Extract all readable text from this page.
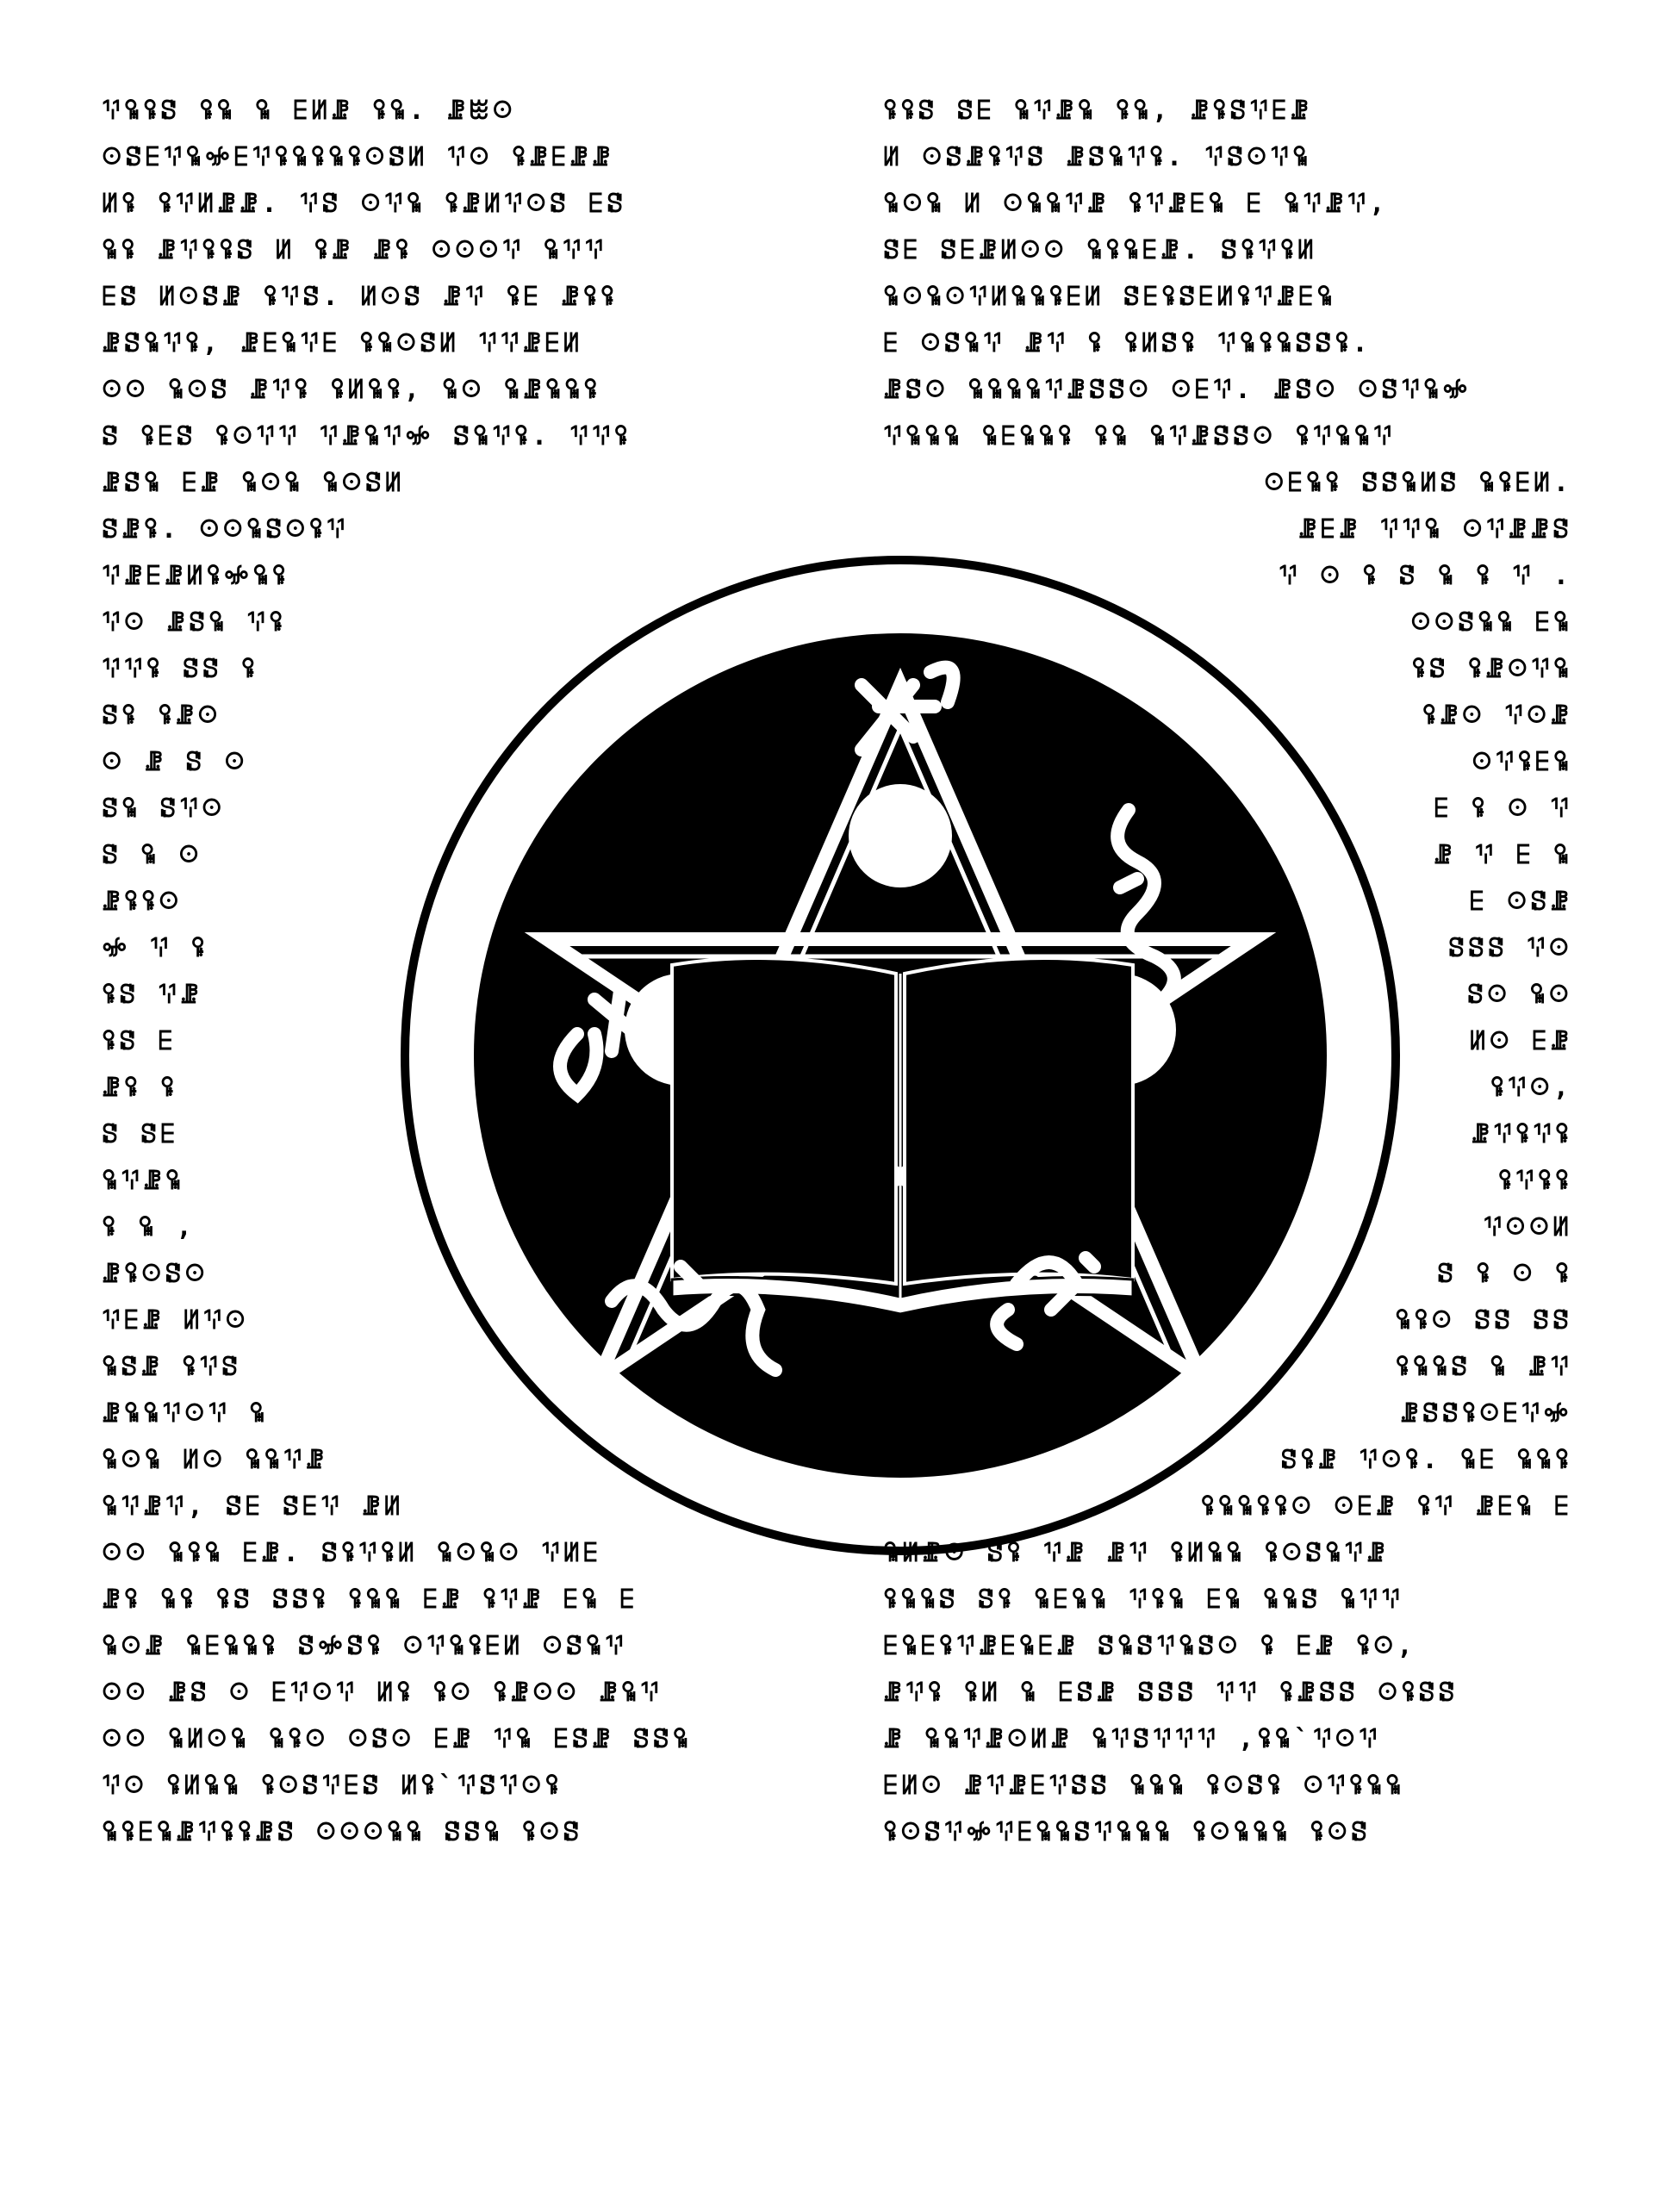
ꖬꖥꖤꗟ ꖤꖥ ꖥ ꗋꖦꗙ ꖤꖥ. ꗙꖺꖴ
ꖴꗟꗋꖬꖥꖣꗋꖬꖤꖥꖤꖥꖤꖴꗟꖦ ꖬꖴ ꖤꗙꗋꗙꗙ
ꖦꖤ ꖤꖬꖦꗙꗙ. ꖬꗟ ꖴꖬꖥ ꖤꗙꖦꖬꖴꗟ ꗋꗟ
ꖥꖤ ꗙꖬꖤꖤꗟ ꖦ ꖤꗙ ꗙꖤ ꖴꖴꖴꖬ ꖥꖬꖬ
ꗋꗟ ꖦꖴꗟꗙ ꖤꖬꗟ. ꖦꖴꗟ ꗙꖬ ꖤꗋ ꗙꖤꖤ
ꗙꗟꖥꖬꖤ, ꗙꗋꖥꖬꗋ ꖤꖥꖴꗟꖦ ꖬꖬꗙꗋꖦ
ꖴꖴ ꖥꖴꗟ ꗙꖬꖤ ꖤꖦꖥꖤ, ꖥꖴ ꖥꗙꖥꖥꖤ
ꗟ ꖤꗋꗟ ꖤꖴꖬꖬ ꖬꗙꖥꖬꖣ ꗟꖥꖬꖤ. ꖬꖬꖤ
ꗙꗟꖥ ꗋꗙ ꖥꖴꖥ ꖥꖴꗟꖦ
ꗟꗙꖤ. ꖴꖴꖥꗟꖴꖤꖬ
ꖬꗙꗋꗙꖦꖤꖣꖥꖤ
ꖬꖴ ꗙꗟꖥ ꖬꖤ
ꖬꖬꖤ ꗟꗟ ꖤ
ꗟꖤ ꖤꗙꖴ
ꖴ ꗙ ꗟ ꖴ
ꗟꖥ ꗟꖬꖴ
ꗟ ꖥ ꖴ
ꗙꖤꖤꖴ
ꖣ ꖬ ꖤ
ꖤꗟ ꖬꗙ
ꖤꗟ ꗋ
ꗙꖤ ꖤ
ꗟ ꗟꗋ
ꖥꖬꗙꖥ
ꖤ ꖥ ,
ꗙꖤꖴꗟꖴ
ꖬꗋꗙ ꖦꖬꖴ
ꖥꗟꗙ ꖤꖬꗟ
ꗙꖥꖥꖬꖴꖬ ꖥ
ꖥꖴꖥ ꖦꖴ ꖥꖥꖬꗙ
ꖥꖬꗙꖬ, ꗟꗋ ꗟꗋꖬ ꗙꖦ
ꖴꖴ ꖥꖤꖥ ꗋꗙ. ꗟꖤꖬꖤꖦ ꖥꖴꖥꖴ ꖬꖦꗋ
ꗙꖤ ꖥꖤ ꖤꗟ ꗟꗟꖤ ꖤꖥꖥ ꗋꗙ ꖤꖬꗙ ꗋꖥ ꗋ
ꖥꖴꗙ ꖥꗋꖥꖥꖤ ꗟꖣꗟꖤ ꖴꖬꖥꖤꗋꖦ ꖴꗟꖥꖬ
ꖴꖴ ꗙꗟ ꖴ ꗋꖬꖴꖬ ꖦꖤ ꖤꖴ ꖤꗙꖴꖴ ꗙꖥꖬ
ꖴꖴ ꖥꖦꖴꖥ ꖥꖤꖴ ꖴꗟꖴ ꗋꗙ ꖬꖥ ꗋꗟꗙ ꗟꗟꖥ
ꖬꖴ ꖤꖦꖥꖥ ꖤꖴꗟꖬꗋꗟ ꖦꖤ`ꖬꗟꖬꖴꖤ
ꖥꖤꗋꖥꗙꖬꖤꖤꗙꗟ ꖴꖴꖴꖥꖥ ꗟꗟꖥ ꖤꖴꗟ
ꖤꖤꗟ ꗟꗋ ꖥꖬꗙꖥ ꖤꖥ, ꗙꖤꗟꖬꗋꗙ
ꖦ ꖴꗟꗙꖤꖬꗟ ꗙꗟꖥꖬꖤ. ꖬꗟꖴꖬꖥ
ꖥꖴꖥ ꖦ ꖴꖥꖥꖬꗙ ꖤꖬꗙꗋꖥ ꗋ ꖥꖬꗙꖬ,
ꗟꗋ ꗟꗋꗙꖦꖴꖴ ꖥꖤꖥꗋꗙ. ꗟꖤꖬꖤꖦ
ꖥꖴꖥꖴꖬꖦꖥꖥꖤꗋꖦ ꗟꗋꖤꗟꗋꖦꖤꖬꗙꗋꖥ
ꗋ ꖴꗟꖥꖬ ꗙꖬ ꖤ ꖤꖦꗟꖤ ꖬꖥꖤꖥꗟꗟꖤ.
ꗙꗟꖴ ꖥꖥꖥꖥꖬꗙꗟꗟꖴ ꖴꗋꖬ. ꗙꗟꖴ ꖴꗟꖬꖥꖣ
ꖬꖥꖥꖥ ꖥꗋꖥꖥꖤ ꖤꖥ ꖥꖬꗙꗟꗟꖴ ꖤꖬꖥꖥꖬ
ꖴꗋꖥꖤ ꗟꗟꖥꖦꗟ ꖥꖤꗋꖦ.
ꗙꗋꗙ ꖬꖬꖥ ꖴꖬꗙꗙꗟ
ꖬ ꖴ ꖤ ꗟ ꖥ ꖤ ꖬ .
ꖴꖴꗟꖥꖥ ꗋꖥ
ꖤꗟ ꖤꗙꖴꖬꖥ
ꖤꗙꖴ ꖬꖴꗙ
ꖴꖬꖤꗋꖥ
ꗋ ꖤ ꖴ ꖬ
ꗙ ꖬ ꗋ ꖥ
ꗋ ꖴꗟꗙ
ꗟꗟꗟ ꖬꖴ
ꗟꖴ ꖥꖴ
ꖦꖴ ꗋꗙ
ꖤꖬꖴ,
ꗙꖬꖤꖬꖤ
ꖤꖬꖤꖤ
ꖬꖴꖴꖦ
ꗟ ꖤ ꖴ ꖤ
ꖥꖤꖴ ꗟꗟ ꗟꗟ
ꖤꖥꖥꗟ ꖥ ꗙꖬ
ꗙꗟꗟꖤꖴꗋꖬꖣ
ꗟꖤꗙ ꖬꖴꖤ. ꖥꗋ ꖥꖥꖤ
ꖤꖥꖥꖤꖤꖴ ꖴꗋꗙ ꖤꖬ ꗙꗋꖥ ꗋ
ꖥꖦꗙꖴ ꗟꖤ ꖬꗙ ꗙꖬ ꖤꖦꖥꖥ ꖤꖴꗟꖥꖬꗙ
ꖤꖥꖥꗟ ꗟꖤ ꖥꗋꖥꖥ ꖬꖤꖥ ꗋꖥ ꖥꖥꗟ ꖥꖬꖬ
ꗋꖥꗋꖤꖬꗙꗋꖥꗋꗙ ꗟꖥꗟꖬꖥꗟꖴ ꖤ ꗋꗙ ꖤꖴ,
ꗙꖬꖤ ꖤꖦ ꖥ ꗋꗟꗙ ꗟꗟꗟ ꖬꖬ ꖤꗙꗟꗟ ꖴꖤꗟꗟ
ꗙ ꖥꖥꖬꗙꖴꖦꗙ ꖥꖬꗟꖬꖬꖬ ,ꖤꖥ`ꖬꖴꖬ
ꗋꖦꖴ ꗙꖬꗙꗋꖬꗟꗟ ꖥꖥꖥ ꖤꖴꗟꖤ ꖴꖬꖤꖥꖥ
ꖤꖴꗟꖬꖣꖬꗋꖥꖥꗟꖬꖥꖥꖥ ꖤꖴꖥꖥꖥ ꖤꖴꗟ
